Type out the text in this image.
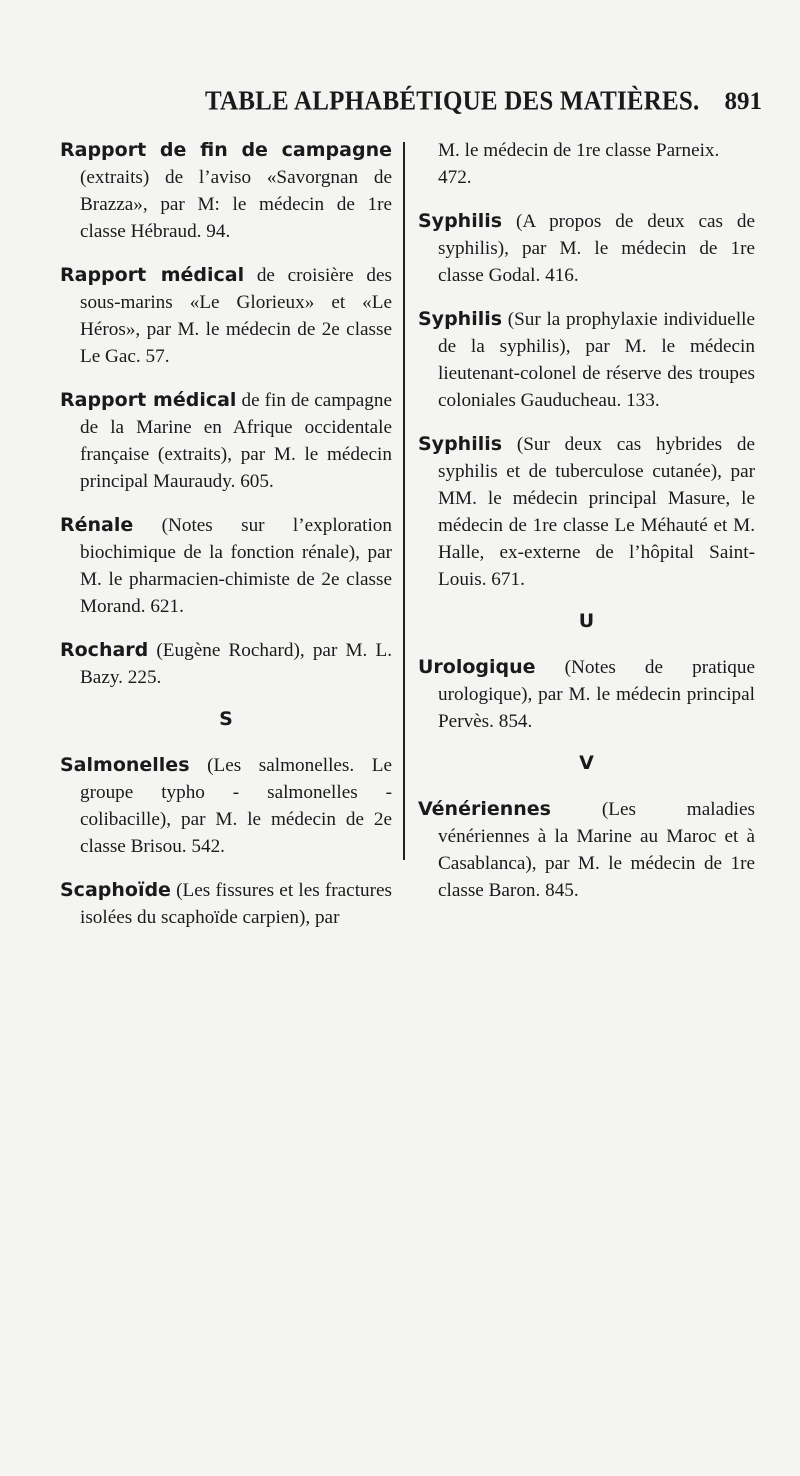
TABLE ALPHABÉTIQUE DES MATIÈRES. 891

Rapport de fin de campagne (extraits) de l’aviso «Savorgnan de Brazza», par M: le médecin de 1re classe Hébraud. 94.

Rapport médical de croisière des sous-marins «Le Glorieux» et «Le Héros», par M. le médecin de 2e classe Le Gac. 57.

Rapport médical de fin de campagne de la Marine en Afrique occidentale française (extraits), par M. le médecin principal Mauraudy. 605.

Rénale (Notes sur l’exploration biochimique de la fonction rénale), par M. le pharmacien-chimiste de 2e classe Morand. 621.

Rochard (Eugène Rochard), par M. L. Bazy. 225.

S

Salmonelles (Les salmonelles. Le groupe typho - salmonelles - colibacille), par M. le médecin de 2e classe Brisou. 542.

Scaphoïde (Les fissures et les fractures isolées du scaphoïde carpien), par

M. le médecin de 1re classe Parneix. 472.

Syphilis (A propos de deux cas de syphilis), par M. le médecin de 1re classe Godal. 416.

Syphilis (Sur la prophylaxie individuelle de la syphilis), par M. le médecin lieutenant-colonel de réserve des troupes coloniales Gauducheau. 133.

Syphilis (Sur deux cas hybrides de syphilis et de tuberculose cutanée), par MM. le médecin principal Masure, le médecin de 1re classe Le Méhauté et M. Halle, ex-externe de l’hôpital Saint-Louis. 671.

U

Urologique (Notes de pratique urologique), par M. le médecin principal Pervès. 854.

V

Vénériennes	(Les maladies vénériennes à la Marine au Maroc et à Casablanca), par M. le médecin de 1re classe Baron. 845.
